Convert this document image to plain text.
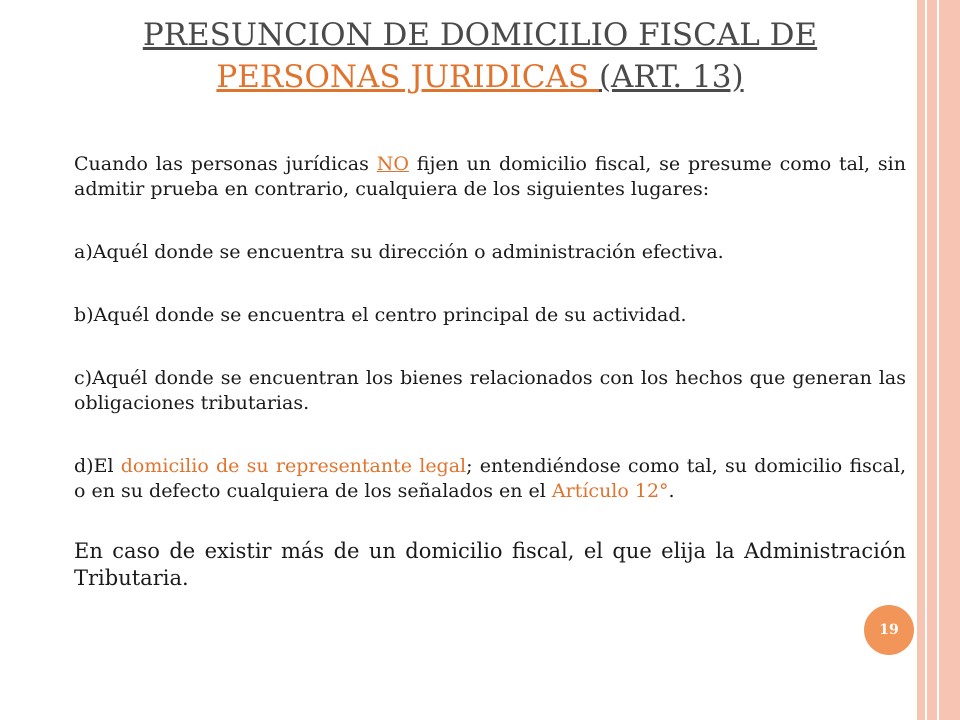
PRESUNCION DE DOMICILIO FISCAL DE
PERSONAS JURIDICAS (ART. 13)

Cuando las personas jurídicas NO fijen un domicilio fiscal, se presume como tal, sin admitir prueba en contrario, cualquiera de los siguientes lugares:

a)Aquél donde se encuentra su dirección o administración efectiva.

b)Aquél donde se encuentra el centro principal de su actividad.

c)Aquél donde se encuentran los bienes relacionados con los hechos que generan las obligaciones tributarias.

d)El domicilio de su representante legal; entendiéndose como tal, su domicilio fiscal, o en su defecto cualquiera de los señalados en el Artículo 12°.

En caso de existir más de un domicilio fiscal, el que elija la Administración Tributaria.

19
